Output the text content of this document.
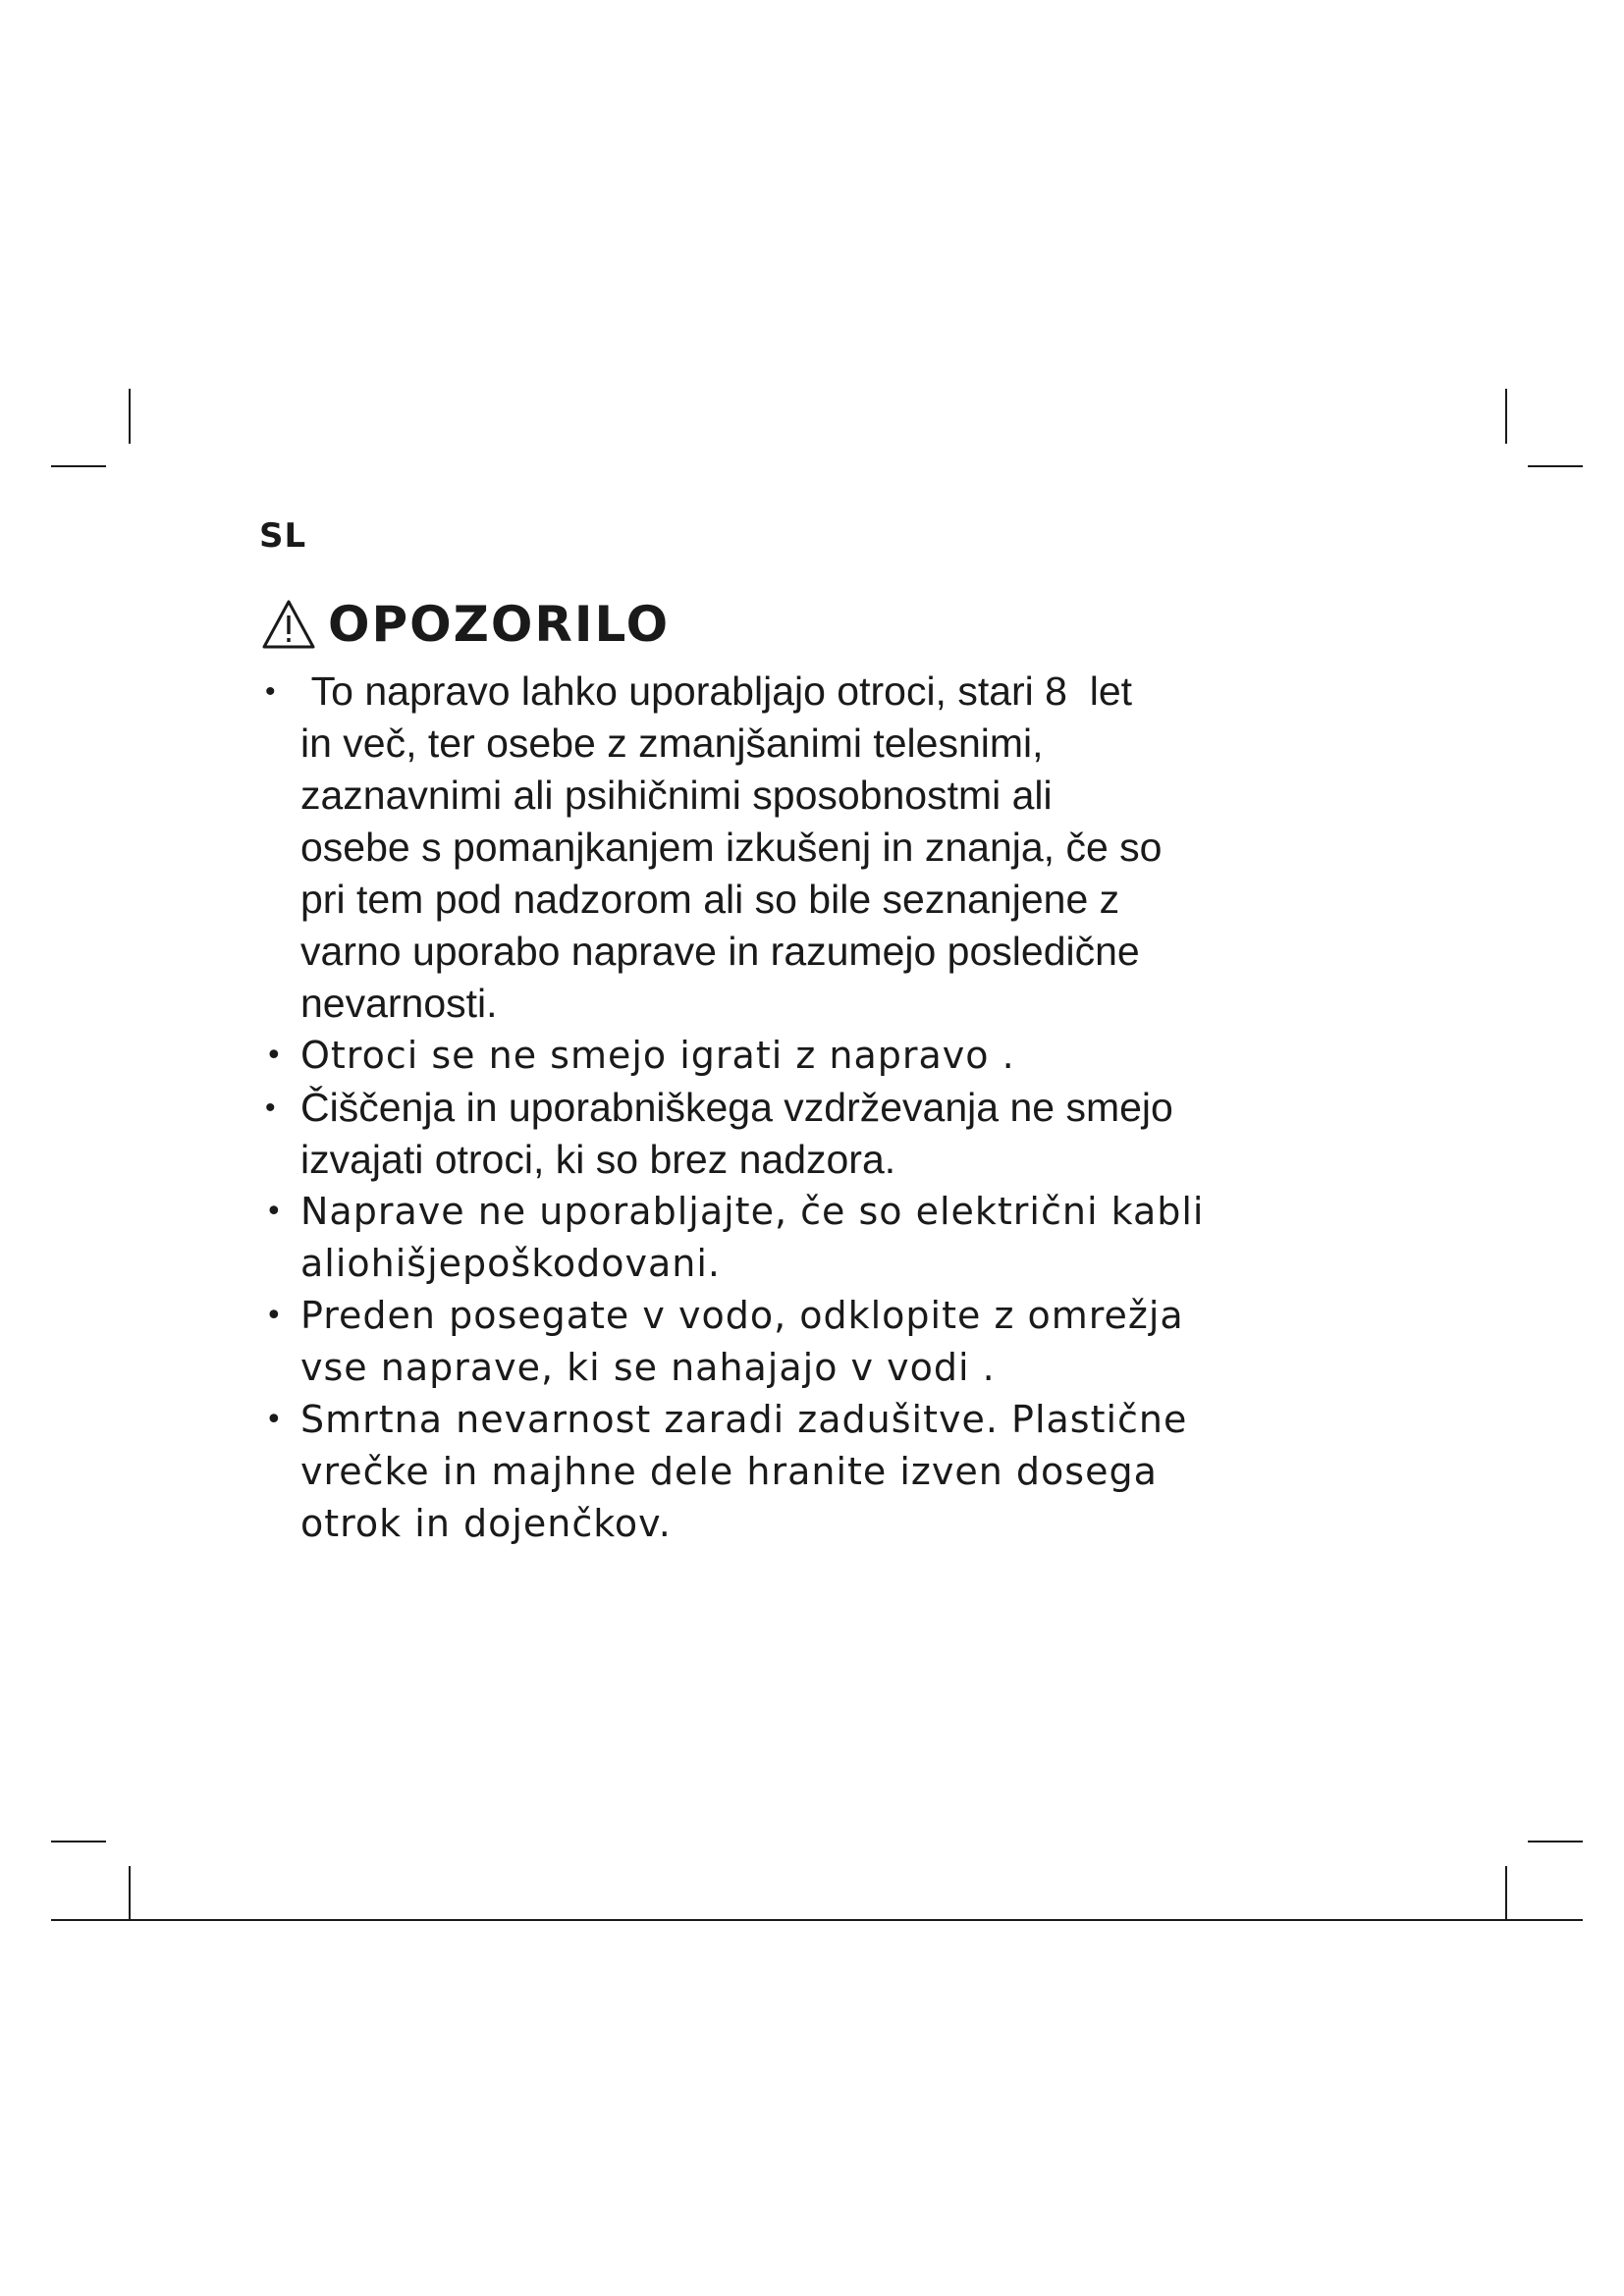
SL
OPOZORILO
• To napravo lahko uporabljajo otroci, stari 8  let
in več, ter osebe z zmanjšanimi telesnimi,
zaznavnimi ali psihičnimi sposobnostmi ali
osebe s pomanjkanjem izkušenj in znanja, če so
pri tem pod nadzorom ali so bile seznanjene z
varno uporabo naprave in razumejo posledične
nevarnosti.
• Otroci se ne smejo igrati z napravo .
• Čiščenja in uporabniškega vzdrževanja ne smejo
izvajati otroci, ki so brez nadzora.
• Naprave ne uporabljajte, če so električni kabli
aliohišjepoškodovani.
• Preden posegate v vodo, odklopite z omrežja
vse naprave, ki se nahajajo v vodi .
• Smrtna nevarnost zaradi zadušitve. Plastične
vrečke in majhne dele hranite izven dosega
otrok in dojenčkov.
